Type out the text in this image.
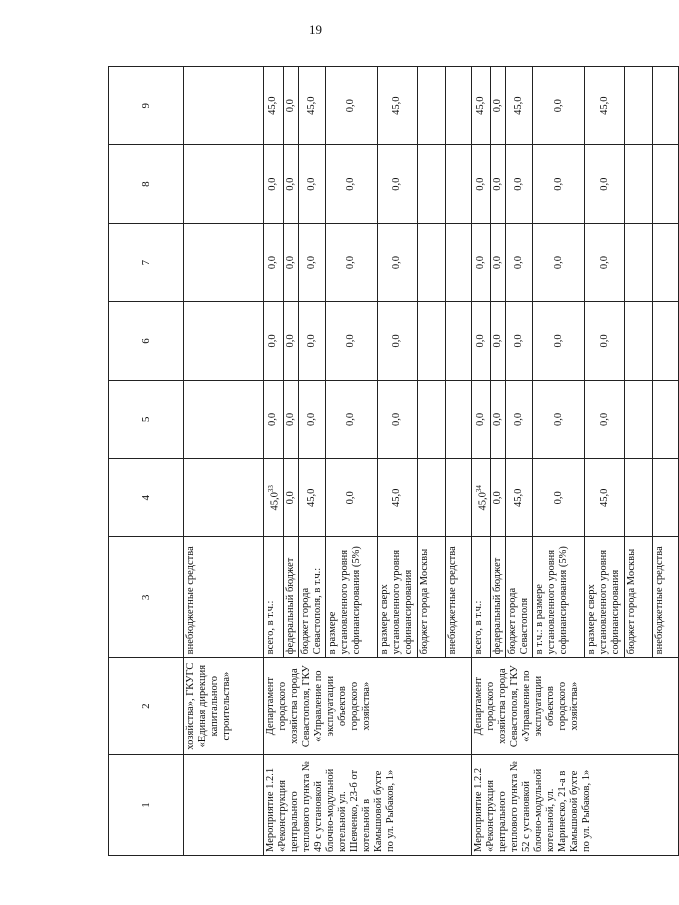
19
1	2	3	4	5	6	7	8	9
	хозяйства», ГКУГС «Единая дирекция капитального строительства»	внебюджетные средства						
Мероприятие 1.2.1 «Реконструкция центрального теплового пункта № 49 с установкой блочно-модульной котельной ул. Шевченко, 23-б от котельной в Камышовой бухте по ул. Рыбаков, 1»	Департамент городского хозяйства города Севастополя, ГКУ «Управление по эксплуатации объектов городского хозяйства»	всего, в т.ч.:	45,0$^{33}$	0,0	0,0	0,0	0,0	45,0
		федеральный бюджет	0,0	0,0	0,0	0,0	0,0	0,0
		бюджет города Севастополя, в т.ч.:	45,0	0,0	0,0	0,0	0,0	45,0
		в размере установленного уровня софинансирования (5%)	0,0	0,0	0,0	0,0	0,0	0,0
		в размере сверх установленного уровня софинансирования	45,0	0,0	0,0	0,0	0,0	45,0
		бюджет города Москвы						
		внебюджетные средства						
Мероприятие 1.2.2 «Реконструкция центрального теплового пункта № 52 с установкой блочно-модульной котельной, ул. Маринеско, 21-а в Камышовой бухте по ул. Рыбаков, 1»	Департамент городского хозяйства города Севастополя, ГКУ «Управление по эксплуатации объектов городского хозяйства»	всего, в т.ч.:	45,0$^{34}$	0,0	0,0	0,0	0,0	45,0
		федеральный бюджет	0,0	0,0	0,0	0,0	0,0	0,0
		бюджет города Севастополя	45,0	0,0	0,0	0,0	0,0	45,0
		в т.ч.: в размере установленного уровня софинансирования (5%)	0,0	0,0	0,0	0,0	0,0	0,0
		в размере сверх установленного уровня софинансирования	45,0	0,0	0,0	0,0	0,0	45,0
		бюджет города Москвы						
		внебюджетные средства						
